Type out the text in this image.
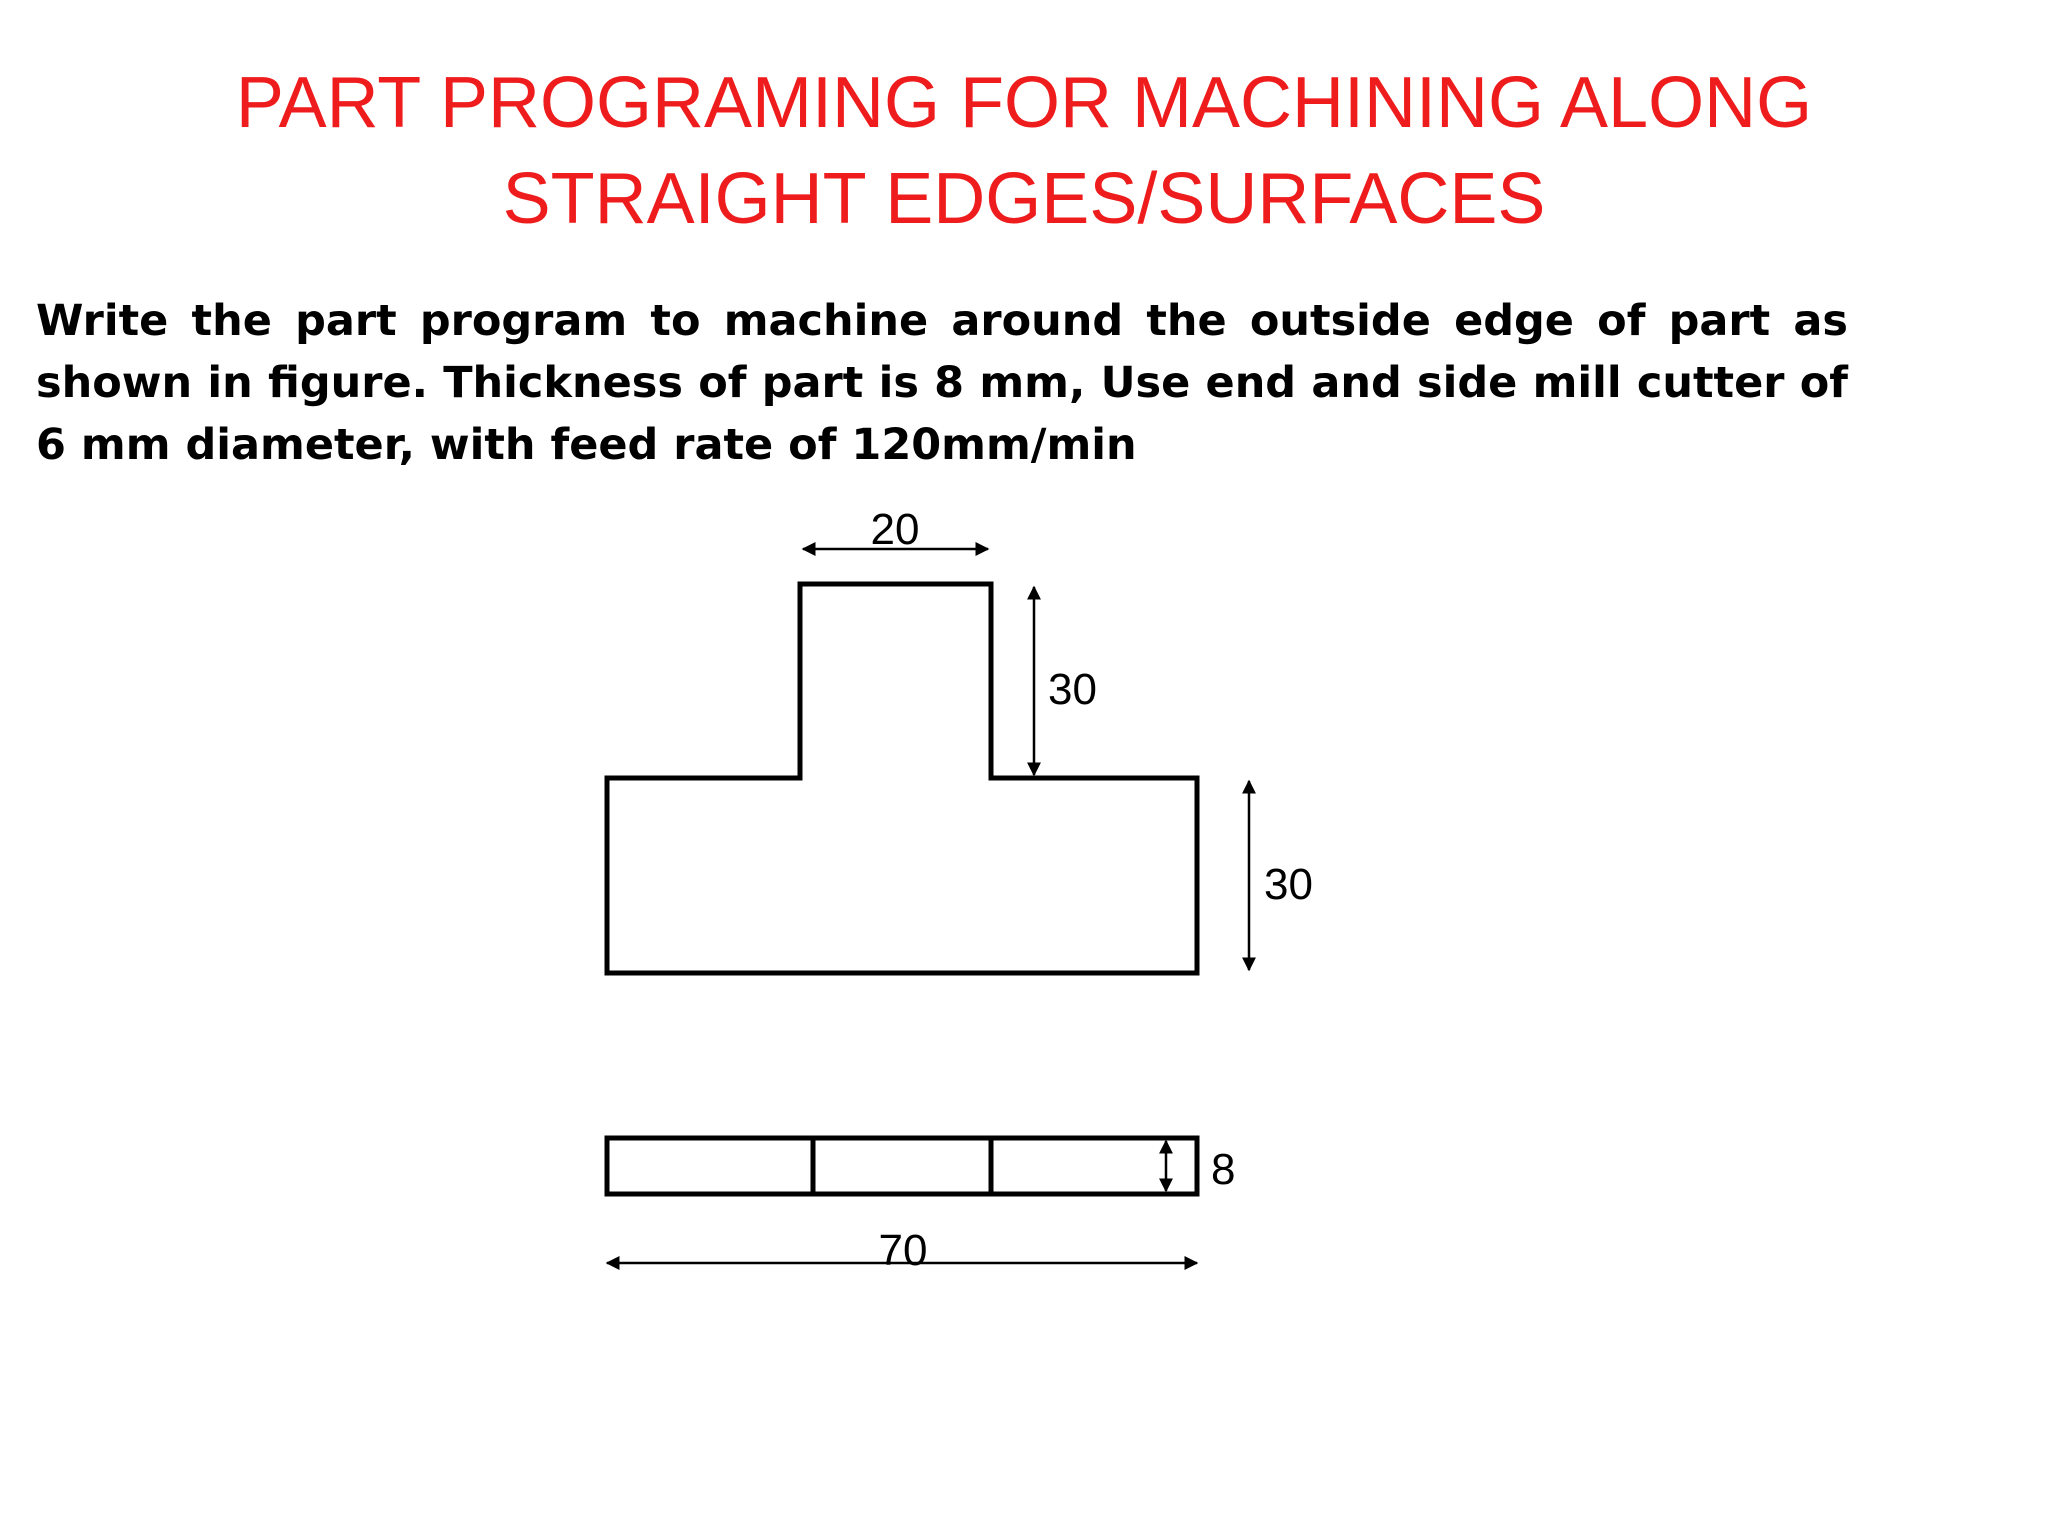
PART PROGRAMING FOR MACHINING ALONG STRAIGHT EDGES/SURFACES

Write the part program to machine around the outside edge of part as shown in figure. Thickness of part is 8 mm, Use end and side mill cutter of 6 mm diameter, with feed rate of 120mm/min

20
30
30
8
70
